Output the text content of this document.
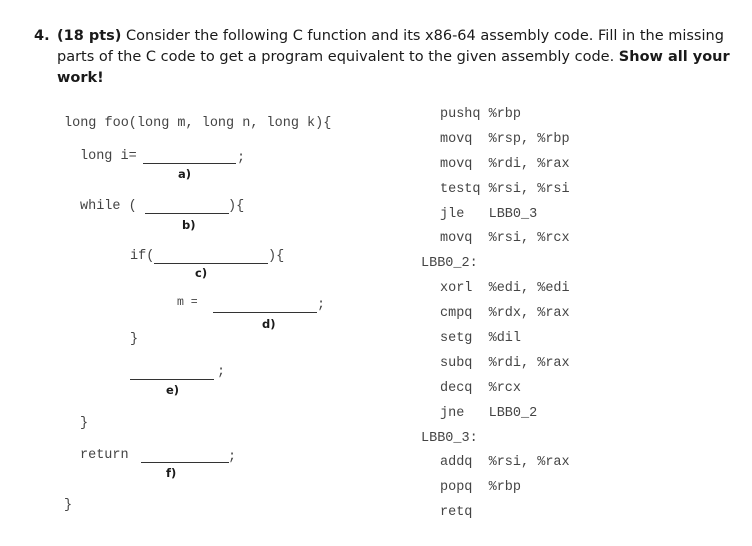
4. (18 pts) Consider the following C function and its x86-64 assembly code. Fill in the missing parts of the C code to get a program equivalent to the given assembly code. Show all your work!
long foo(long m, long n, long k){
long i=	;
a)
while (	){
b)
if(	){
c)
m =	;
d)
}
;
e)
}
return	;
f)
}
pushq %rbp
movq  %rsp, %rbp
movq  %rdi, %rax
testq %rsi, %rsi
jle   LBB0_3
movq  %rsi, %rcx
LBB0_2:
xorl  %edi, %edi
cmpq  %rdx, %rax
setg  %dil
subq  %rdi, %rax
decq  %rcx
jne   LBB0_2
LBB0_3:
addq  %rsi, %rax
popq  %rbp
retq
